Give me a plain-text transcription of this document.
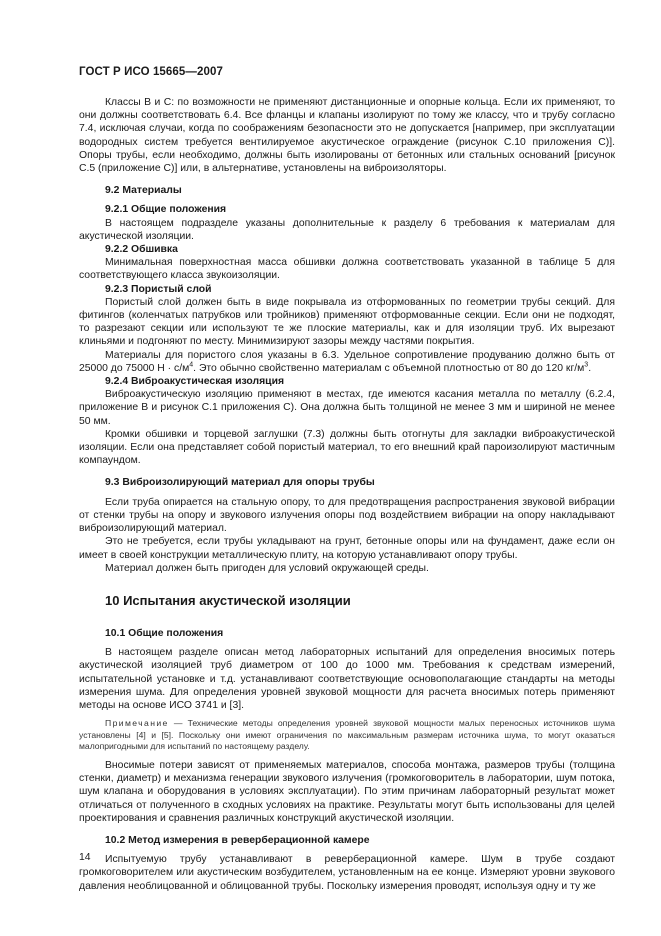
ГОСТ Р ИСО 15665—2007

Классы В и С: по возможности не применяют дистанционные и опорные кольца. Если их применяют, то они должны соответствовать 6.4. Все фланцы и клапаны изолируют по тому же классу, что и трубу согласно 7.4, исключая случаи, когда по соображениям безопасности это не допускается [например, при эксплуатации водородных систем требуется вентилируемое акустическое ограждение (рисунок С.10 приложения С)]. Опоры трубы, если необходимо, должны быть изолированы от бетонных или стальных оснований [рисунок С.5 (приложение С)] или, в альтернативе, установлены на виброизоляторы.

9.2 Материалы

9.2.1 Общие положения

В настоящем подразделе указаны дополнительные к разделу 6 требования к материалам для акустической изоляции.

9.2.2 Обшивка

Минимальная поверхностная масса обшивки должна соответствовать указанной в таблице 5 для соответствующего класса звукоизоляции.

9.2.3 Пористый слой

Пористый слой должен быть в виде покрывала из отформованных по геометрии трубы секций. Для фитингов (коленчатых патрубков или тройников) применяют отформованные секции. Если они не подходят, то разрезают секции или используют те же плоские материалы, как и для изоляции труб. Их вырезают клиньями и подгоняют по месту. Минимизируют зазоры между частями покрытия.

Материалы для пористого слоя указаны в 6.3. Удельное сопротивление продуванию должно быть от 25000 до 75000 $Н \cdot с/м^4$. Это обычно свойственно материалам с объемной плотностью от 80 до 120 $кг/м^3$.

9.2.4 Виброакустическая изоляция

Виброакустическую изоляцию применяют в местах, где имеются касания металла по металлу (6.2.4, приложение В и рисунок С.1 приложения С). Она должна быть толщиной не менее 3 мм и шириной не менее 50 мм.

Кромки обшивки и торцевой заглушки (7.3) должны быть отогнуты для закладки виброакустической изоляции. Если она представляет собой пористый материал, то его внешний край пароизолируют мастичным компаундом.

9.3 Виброизолирующий материал для опоры трубы

Если труба опирается на стальную опору, то для предотвращения распространения звуковой вибрации от стенки трубы на опору и звукового излучения опоры под воздействием вибрации на опору накладывают виброизолирующий материал.

Это не требуется, если трубы укладывают на грунт, бетонные опоры или на фундамент, даже если он имеет в своей конструкции металлическую плиту, на которую устанавливают опору трубы.

Материал должен быть пригоден для условий окружающей среды.

10 Испытания акустической изоляции

10.1 Общие положения

В настоящем разделе описан метод лабораторных испытаний для определения вносимых потерь акустической изоляцией труб диаметром от 100 до 1000 мм. Требования к средствам измерений, испытательной установке и т.д. устанавливают соответствующие основополагающие стандарты на методы измерения шума. Для определения уровней звуковой мощности для расчета вносимых потерь применяют методы на основе ИСО 3741 и [3].

Примечание — Технические методы определения уровней звуковой мощности малых переносных источников шума установлены [4] и [5]. Поскольку они имеют ограничения по максимальным размерам источника шума, то могут оказаться малопригодными для испытаний по настоящему разделу.

Вносимые потери зависят от применяемых материалов, способа монтажа, размеров трубы (толщина стенки, диаметр) и механизма генерации звукового излучения (громкоговоритель в лаборатории, шум потока, шум клапана и оборудования в условиях эксплуатации). По этим причинам лабораторный результат может отличаться от полученного в сходных условиях на практике. Результаты могут быть использованы для целей проектирования и сравнения различных конструкций акустической изоляции.

10.2 Метод измерения в реверберационной камере

Испытуемую трубу устанавливают в реверберационной камере. Шум в трубе создают громкоговорителем или акустическим возбудителем, установленным на ее конце. Измеряют уровни звукового давления необлицованной и облицованной трубы. Поскольку измерения проводят, используя одну и ту же

14
